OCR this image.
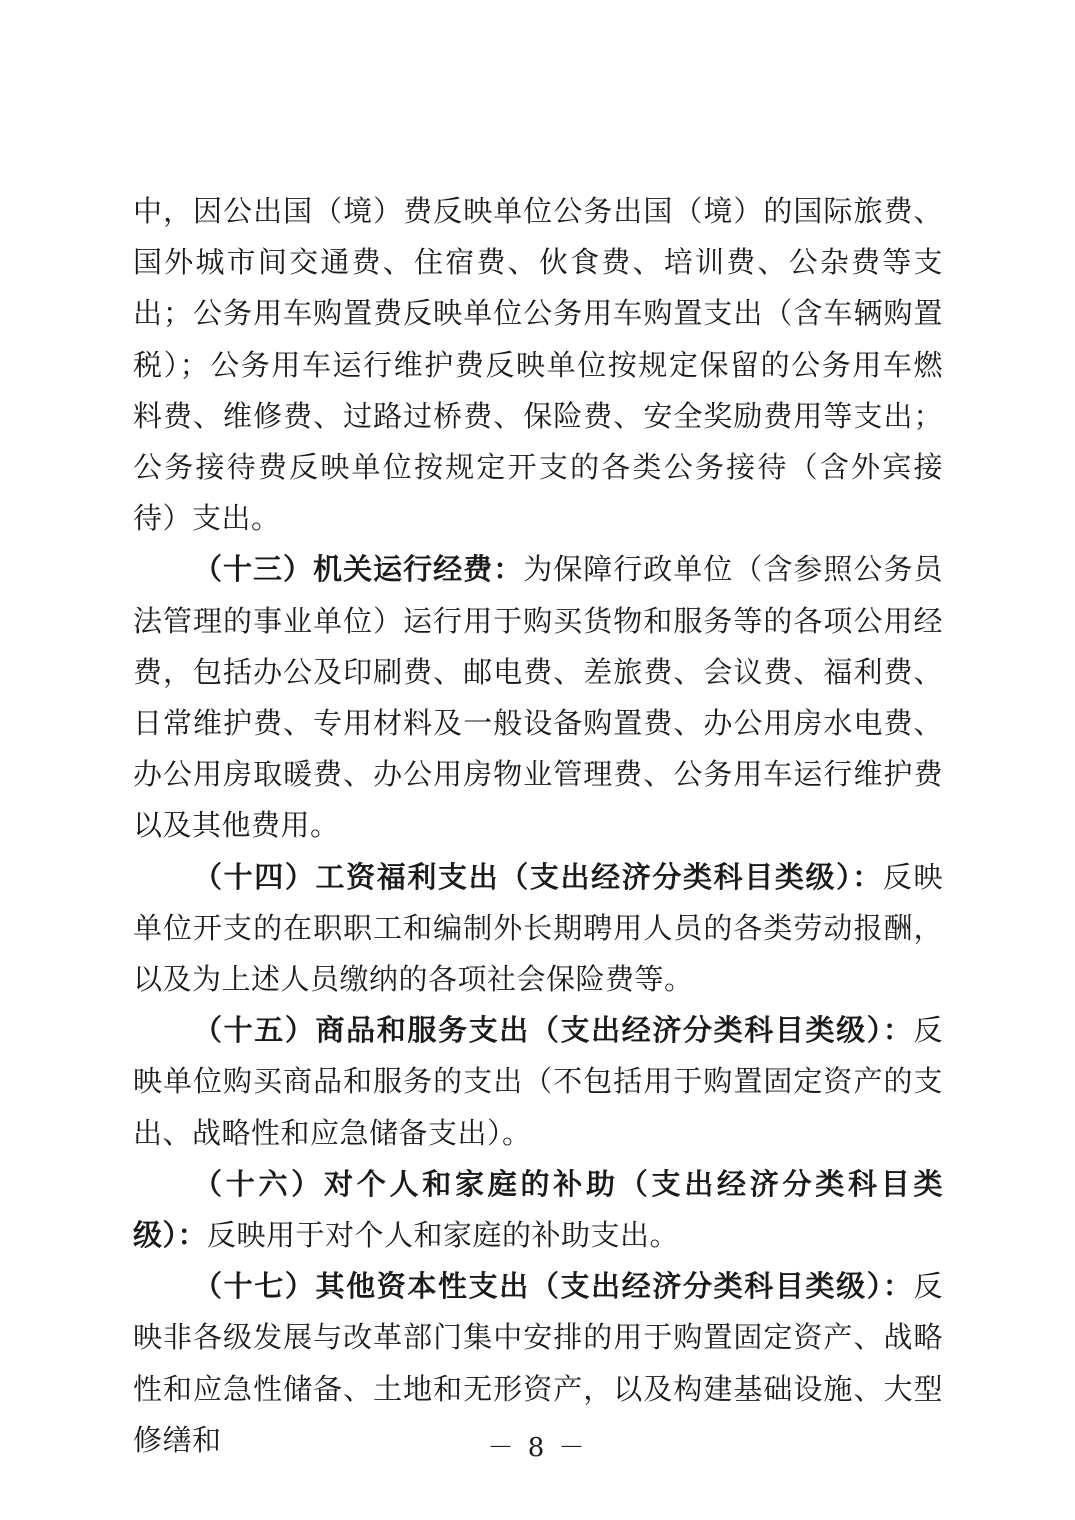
中，因公出国（境）费反映单位公务出国（境）的国际旅费、国外城市间交通费、住宿费、伙食费、培训费、公杂费等支出；公务用车购置费反映单位公务用车购置支出（含车辆购置税）；公务用车运行维护费反映单位按规定保留的公务用车燃料费、维修费、过路过桥费、保险费、安全奖励费用等支出；公务接待费反映单位按规定开支的各类公务接待（含外宾接待）支出。

（十三）机关运行经费：为保障行政单位（含参照公务员法管理的事业单位）运行用于购买货物和服务等的各项公用经费，包括办公及印刷费、邮电费、差旅费、会议费、福利费、日常维护费、专用材料及一般设备购置费、办公用房水电费、办公用房取暖费、办公用房物业管理费、公务用车运行维护费以及其他费用。

（十四）工资福利支出（支出经济分类科目类级）：反映单位开支的在职职工和编制外长期聘用人员的各类劳动报酬，以及为上述人员缴纳的各项社会保险费等。

（十五）商品和服务支出（支出经济分类科目类级）：反映单位购买商品和服务的支出（不包括用于购置固定资产的支出、战略性和应急储备支出）。

（十六）对个人和家庭的补助（支出经济分类科目类级）：反映用于对个人和家庭的补助支出。

（十七）其他资本性支出（支出经济分类科目类级）：反映非各级发展与改革部门集中安排的用于购置固定资产、战略性和应急性储备、土地和无形资产，以及构建基础设施、大型修缮和	－ 8 －
